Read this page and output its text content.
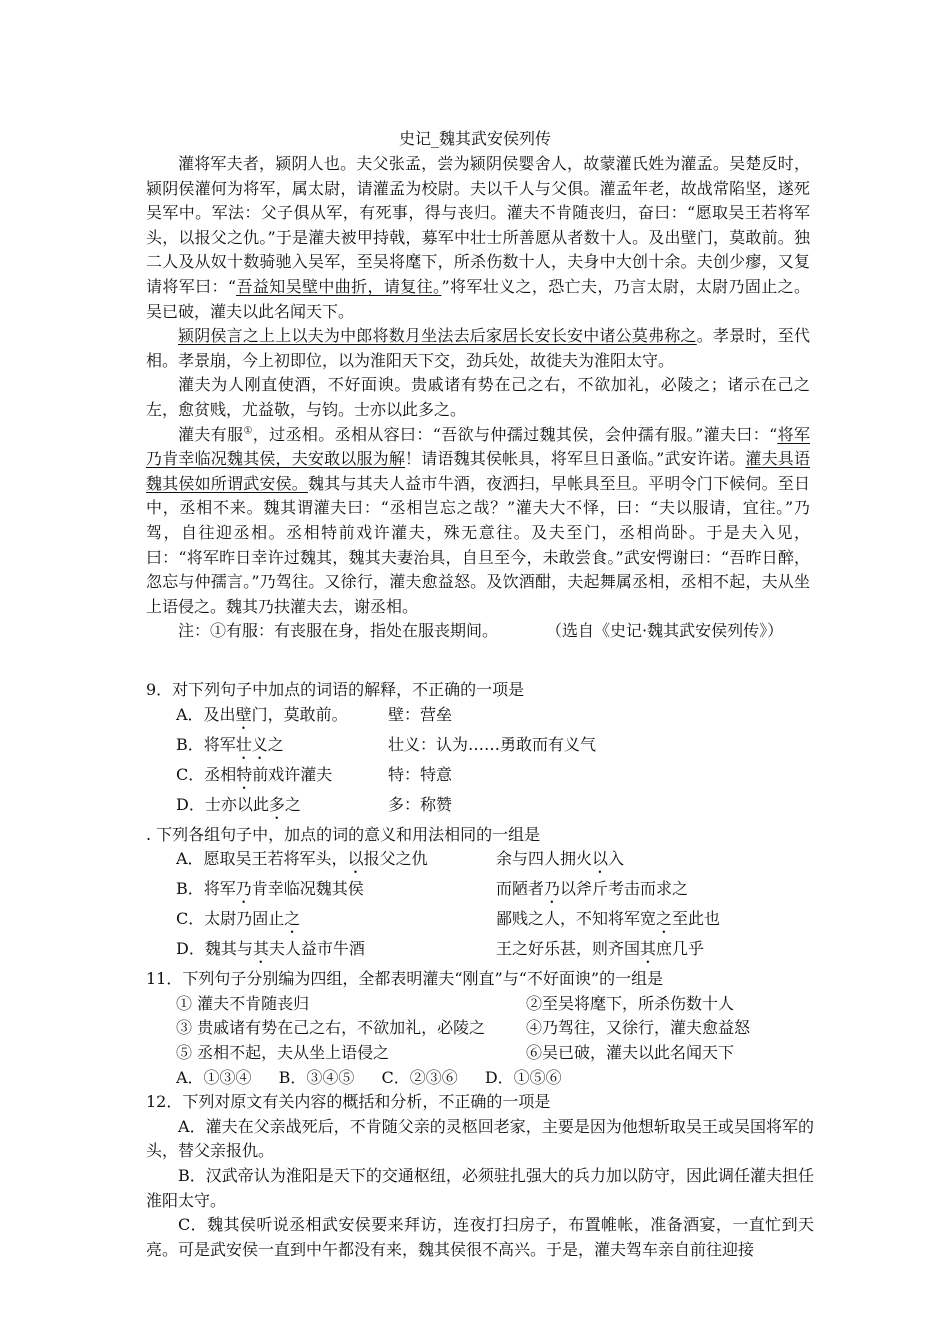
史记_魏其武安侯列传

灌将军夫者，颍阴人也。夫父张孟，尝为颍阴侯婴舍人，故蒙灌氏姓为灌孟。吴楚反时，颍阴侯灌何为将军，属太尉，请灌孟为校尉。夫以千人与父俱。灌孟年老，故战常陷坚，遂死吴军中。军法：父子俱从军，有死事，得与丧归。灌夫不肯随丧归，奋曰：“愿取吴王若将军头，以报父之仇。”于是灌夫被甲持戟，募军中壮士所善愿从者数十人。及出壁门，莫敢前。独二人及从奴十数骑驰入吴军，至吴将麾下，所杀伤数十人，夫身中大创十余。夫创少瘳，又复请将军曰：“吾益知吴壁中曲折，请复往。”将军壮义之，恐亡夫，乃言太尉，太尉乃固止之。吴已破，灌夫以此名闻天下。

颍阴侯言之上上以夫为中郎将数月坐法去后家居长安长安中诸公莫弗称之。孝景时，至代相。孝景崩，今上初即位，以为淮阳天下交，劲兵处，故徙夫为淮阳太守。

灌夫为人刚直使酒，不好面谀。贵戚诸有势在己之右，不欲加礼，必陵之；诸示在己之左，愈贫贱，尤益敬，与钧。士亦以此多之。

灌夫有服①，过丞相。丞相从容曰：“吾欲与仲孺过魏其侯，会仲孺有服。”灌夫曰：“将军乃肯幸临况魏其侯，夫安敢以服为解！请语魏其侯帐具，将军旦日蚤临。”武安许诺。灌夫具语魏其侯如所谓武安侯。魏其与其夫人益市牛酒，夜洒扫，早帐具至旦。平明令门下候伺。至日中，丞相不来。魏其谓灌夫曰：“丞相岂忘之哉？”灌夫大不怿，曰：“夫以服请，宜往。”乃驾，自往迎丞相。丞相特前戏许灌夫，殊无意往。及夫至门，丞相尚卧。于是夫入见，曰：“将军昨日幸许过魏其，魏其夫妻治具，自旦至今，未敢尝食。”武安愕谢曰：“吾昨日醉，忽忘与仲孺言。”乃驾往。又徐行，灌夫愈益怒。及饮酒酣，夫起舞属丞相，丞相不起，夫从坐上语侵之。魏其乃扶灌夫去，谢丞相。

注：①有服：有丧服在身，指处在服丧期间。　　　　（选自《史记·魏其武安侯列传》）

9．对下列句子中加点的词语的解释，不正确的一项是

A．及出壁门，莫敢前。	壁：营垒
B．将军壮义之	壮义：认为……勇敢而有义气
C．丞相特前戏许灌夫	特：特意
D．士亦以此多之	多：称赞

. 下列各组句子中，加点的词的意义和用法相同的一组是

A．愿取吴王若将军头，以报父之仇	余与四人拥火以入
B．将军乃肯幸临况魏其侯	而陋者乃以斧斤考击而求之
C．太尉乃固止之	鄙贱之人，不知将军宽之至此也
D．魏其与其夫人益市牛酒	王之好乐甚，则齐国其庶几乎

11．下列句子分别编为四组，全都表明灌夫“刚直”与“不好面谀”的一组是

① 灌夫不肯随丧归	②至吴将麾下，所杀伤数十人
③ 贵戚诸有势在己之右，不欲加礼，必陵之	④乃驾往，又徐行，灌夫愈益怒
⑤ 丞相不起，夫从坐上语侵之	⑥吴已破，灌夫以此名闻天下

A．①③④　 B．③④⑤　 C．②③⑥　 D．①⑤⑥

12．下列对原文有关内容的概括和分析，不正确的一项是

A．灌夫在父亲战死后，不肯随父亲的灵柩回老家，主要是因为他想斩取吴王或吴国将军的头，替父亲报仇。

B．汉武帝认为淮阳是天下的交通枢纽，必须驻扎强大的兵力加以防守，因此调任灌夫担任淮阳太守。

C．魏其侯听说丞相武安侯要来拜访，连夜打扫房子，布置帷帐，准备酒宴，一直忙到天亮。可是武安侯一直到中午都没有来，魏其侯很不高兴。于是，灌夫驾车亲自前往迎接
